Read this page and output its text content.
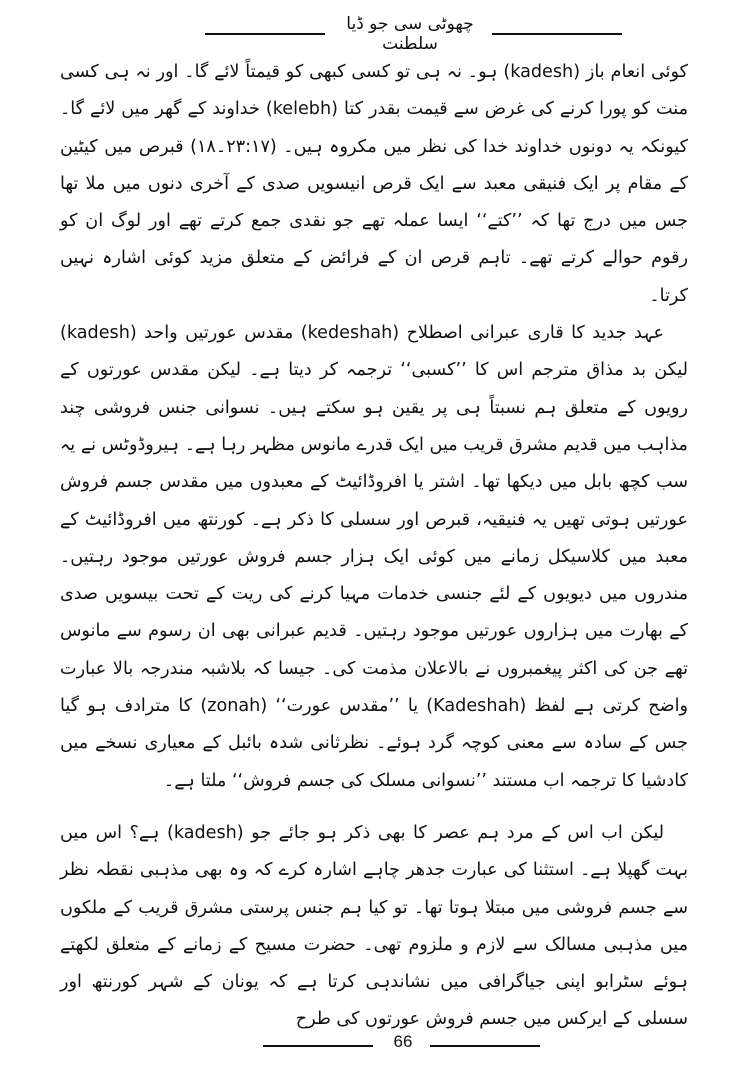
چھوٹی سی جو ڈیا سلطنت

کوئی انعام باز (kadesh) ہو۔ نہ ہی تو کسی کبھی کو قیمتاً لائے گا۔ اور نہ ہی کسی منت کو پورا کرنے کی غرض سے قیمت بقدر کتا (kelebh) خداوند کے گھر میں لائے گا۔ کیونکہ یہ دونوں خداوند خدا کی نظر میں مکروہ ہیں۔ (۲۳:۱۷۔۱۸) قبرص میں کیٹین کے مقام پر ایک فنیقی معبد سے ایک قرص انیسویں صدی کے آخری دنوں میں ملا تھا جس میں درج تھا کہ ’’کتے‘‘ ایسا عملہ تھے جو نقدی جمع کرتے تھے اور لوگ ان کو رقوم حوالے کرتے تھے۔ تاہم قرص ان کے فرائض کے متعلق مزید کوئی اشارہ نہیں کرتا۔

عہد جدید کا قاری عبرانی اصطلاح (kedeshah) مقدس عورتیں واحد (kadesh) لیکن بد مذاق مترجم اس کا ’’کسبی‘‘ ترجمہ کر دیتا ہے۔ لیکن مقدس عورتوں کے رویوں کے متعلق ہم نسبتاً ہی پر یقین ہو سکتے ہیں۔ نسوانی جنس فروشی چند مذاہب میں قدیم مشرق قریب میں ایک قدرے مانوس مظہر رہا ہے۔ ہیروڈوٹس نے یہ سب کچھ بابل میں دیکھا تھا۔ اشتر یا افروڈائیٹ کے معبدوں میں مقدس جسم فروش عورتیں ہوتی تھیں یہ فنیقیہ، قبرص اور سسلی کا ذکر ہے۔ کورنتھ میں افروڈائیٹ کے معبد میں کلاسیکل زمانے میں کوئی ایک ہزار جسم فروش عورتیں موجود رہتیں۔ مندروں میں دیویوں کے لئے جنسی خدمات مہیا کرنے کی ریت کے تحت بیسویں صدی کے بھارت میں ہزاروں عورتیں موجود رہتیں۔ قدیم عبرانی بھی ان رسوم سے مانوس تھے جن کی اکثر پیغمبروں نے بالاعلان مذمت کی۔ جیسا کہ بلاشبہ مندرجہ بالا عبارت واضح کرتی ہے لفظ (Kadeshah) یا ’’مقدس عورت‘‘ (zonah) کا مترادف ہو گیا جس کے سادہ سے معنی کوچہ گرد ہوئے۔ نظرثانی شدہ بائبل کے معیاری نسخے میں کادشیا کا ترجمہ اب مستند ’’نسوانی مسلک کی جسم فروش‘‘ ملتا ہے۔

لیکن اب اس کے مرد ہم عصر کا بھی ذکر ہو جائے جو (kadesh) ہے؟ اس میں بہت گھپلا ہے۔ استثنا کی عبارت جدھر چاہے اشارہ کرے کہ وہ بھی مذہبی نقطہ نظر سے جسم فروشی میں مبتلا ہوتا تھا۔ تو کیا ہم جنس پرستی مشرق قریب کے ملکوں میں مذہبی مسالک سے لازم و ملزوم تھی۔ حضرت مسیح کے زمانے کے متعلق لکھتے ہوئے سٹرابو اپنی جیاگرافی میں نشاندہی کرتا ہے کہ یونان کے شہر کورنتھ اور سسلی کے ایرکس میں جسم فروش عورتوں کی طرح

66
